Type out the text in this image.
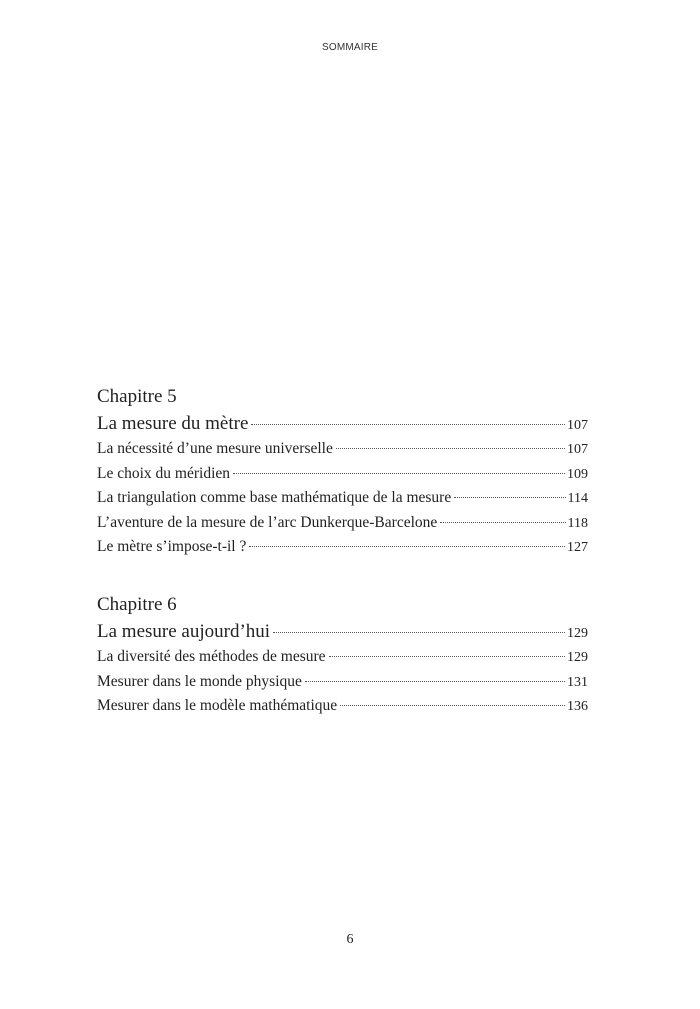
SOMMAIRE
Chapitre 5
La mesure du mètre	107
La nécessité d’une mesure universelle	107
Le choix du méridien	109
La triangulation comme base mathématique de la mesure	114
L’aventure de la mesure de l’arc Dunkerque-Barcelone	118
Le mètre s’impose-t-il ?	127
Chapitre 6
La mesure aujourd’hui	129
La diversité des méthodes de mesure	129
Mesurer dans le monde physique	131
Mesurer dans le modèle mathématique	136
6
